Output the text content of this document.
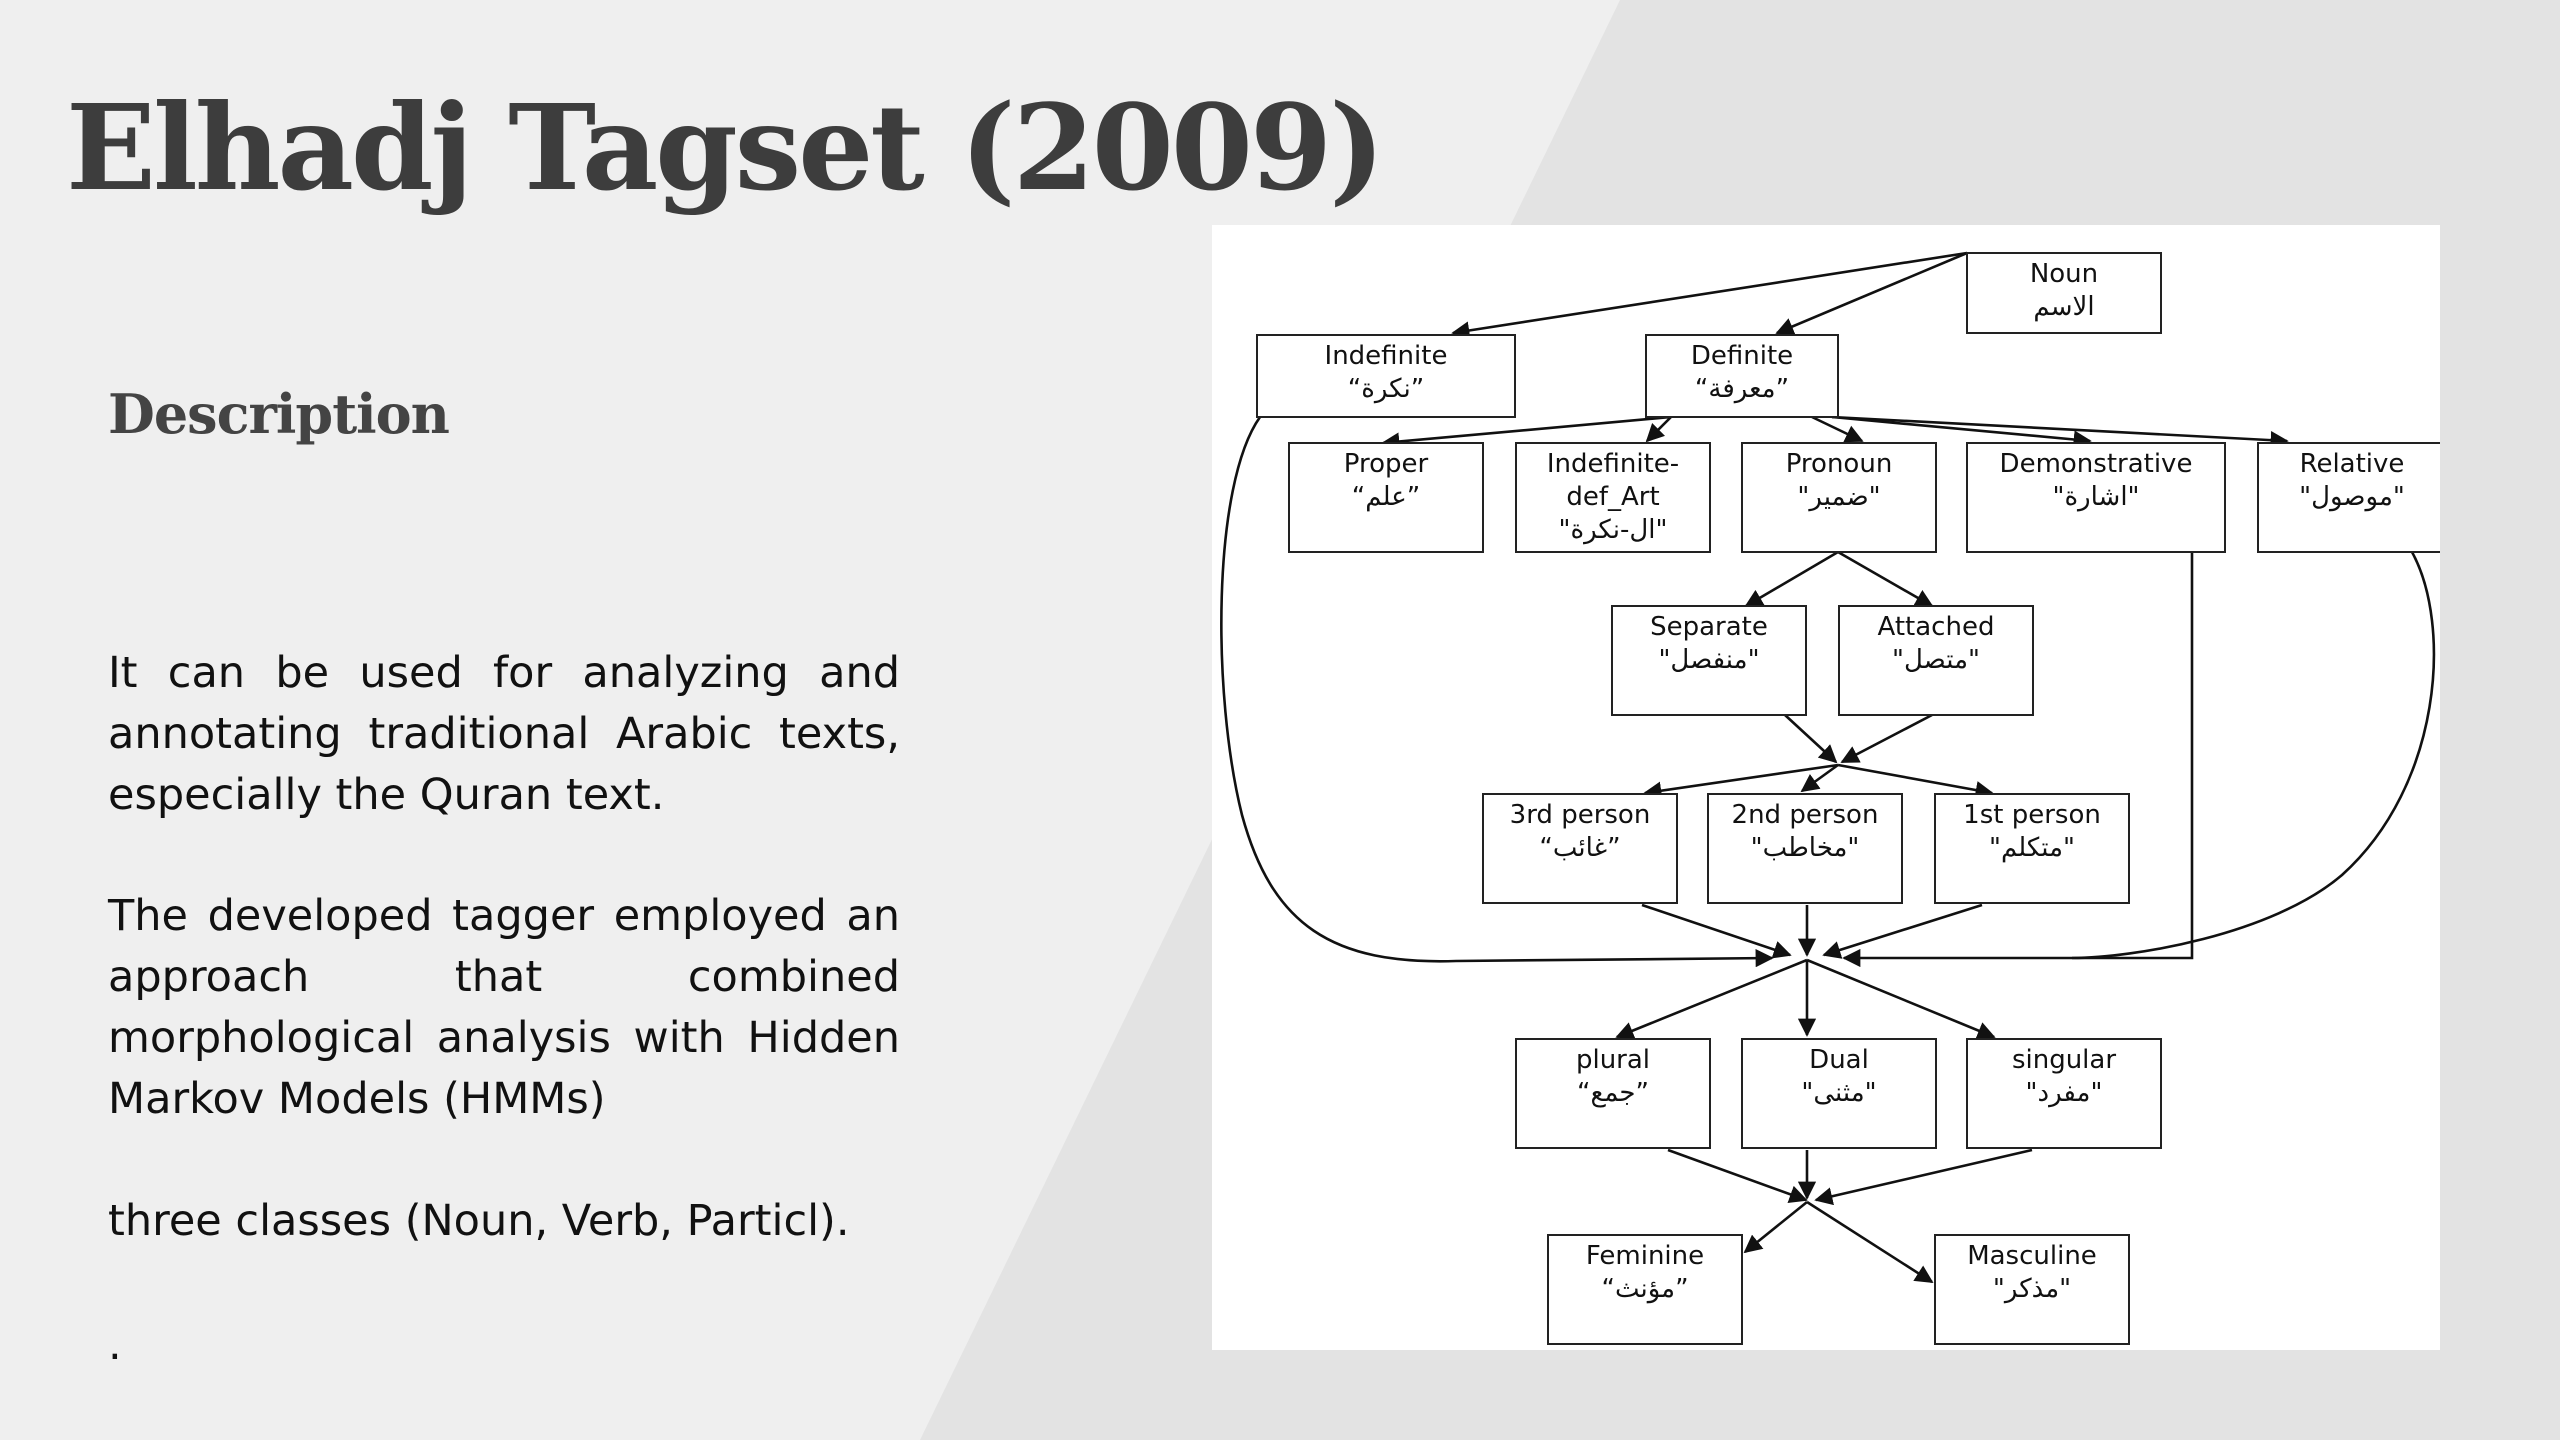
Elhadj Tagset (2009)
Description

It can be used for analyzing and annotating traditional Arabic texts, especially the Quran text.

The developed tagger employed an approach that combined morphological analysis with Hidden Markov Models (HMMs)

three classes (Noun, Verb, Particl).

.

Noun
الاسم
Indefinite
“نكرة”
Definite
“معرفة”
Proper
“علم”
Indefinite-
def_Art
"ال-نكرة"
Pronoun
"ضمير"
Demonstrative
"اشارة"
Relative
"موصول"
Separate
"منفصل"
Attached
"متصل"
3rd person
“غائب”
2nd person
"مخاطب"
1st person
"متكلم"
plural
“جمع”
Dual
"مثنى"
singular
"مفرد"
Feminine
“مؤنث”
Masculine
"مذكر"
